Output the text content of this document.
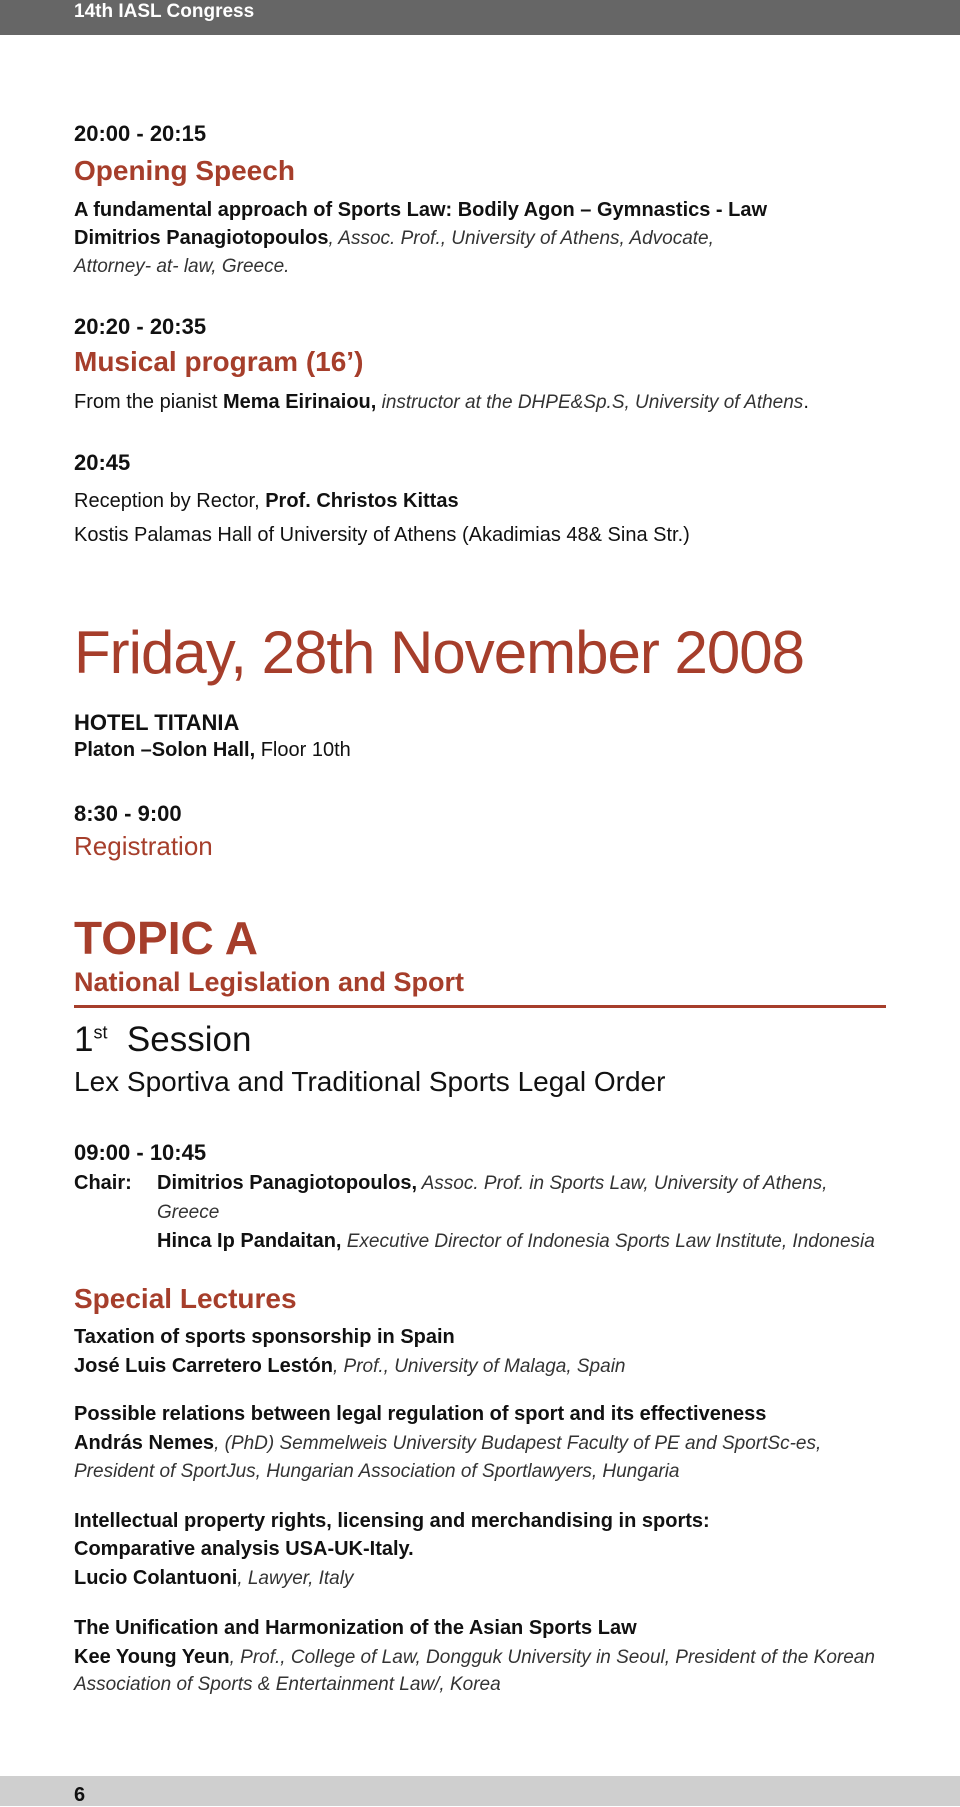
14th IASL Congress
20:00 - 20:15
Opening Speech
A fundamental approach of Sports Law: Bodily Agon – Gymnastics - Law
Dimitrios Panagiotopoulos, Assoc. Prof., University of Athens, Advocate,
Attorney- at- law, Greece.
20:20 - 20:35
Musical program (16’)
From the pianist Mema Eirinaiou, instructor at the DHPE&Sp.S, University of Athens.
20:45
Reception by Rector, Prof. Christos Kittas
Kostis Palamas Hall of University of Athens (Akadimias 48& Sina Str.)
Friday, 28th November 2008
HOTEL TITANIA
Platon –Solon Hall, Floor 10th
8:30 - 9:00
Registration
TOPIC A
National Legislation and Sport
1st  Session
Lex Sportiva and Traditional Sports Legal Order
09:00 - 10:45
Chair: Dimitrios Panagiotopoulos, Assoc. Prof. in Sports Law, University of Athens,
Greece
Hinca Ip Pandaitan, Executive Director of Indonesia Sports Law Institute, Indonesia
Special Lectures
Taxation of sports sponsorship in Spain
José Luis Carretero Lestón, Prof., University of Malaga, Spain
Possible relations between legal regulation of sport and its effectiveness
András Nemes, (PhD) Semmelweis University Budapest Faculty of PE and SportSc-es,
President of SportJus, Hungarian Association of Sportlawyers, Hungaria
Intellectual property rights, licensing and merchandising in sports:
Comparative analysis USA-UK-Italy.
Lucio Colantuoni, Lawyer, Italy
The Unification and Harmonization of the Asian Sports Law
Kee Young Yeun, Prof., College of Law, Dongguk University in Seoul, President of the Korean
Association of Sports & Entertainment Law/, Korea
6
